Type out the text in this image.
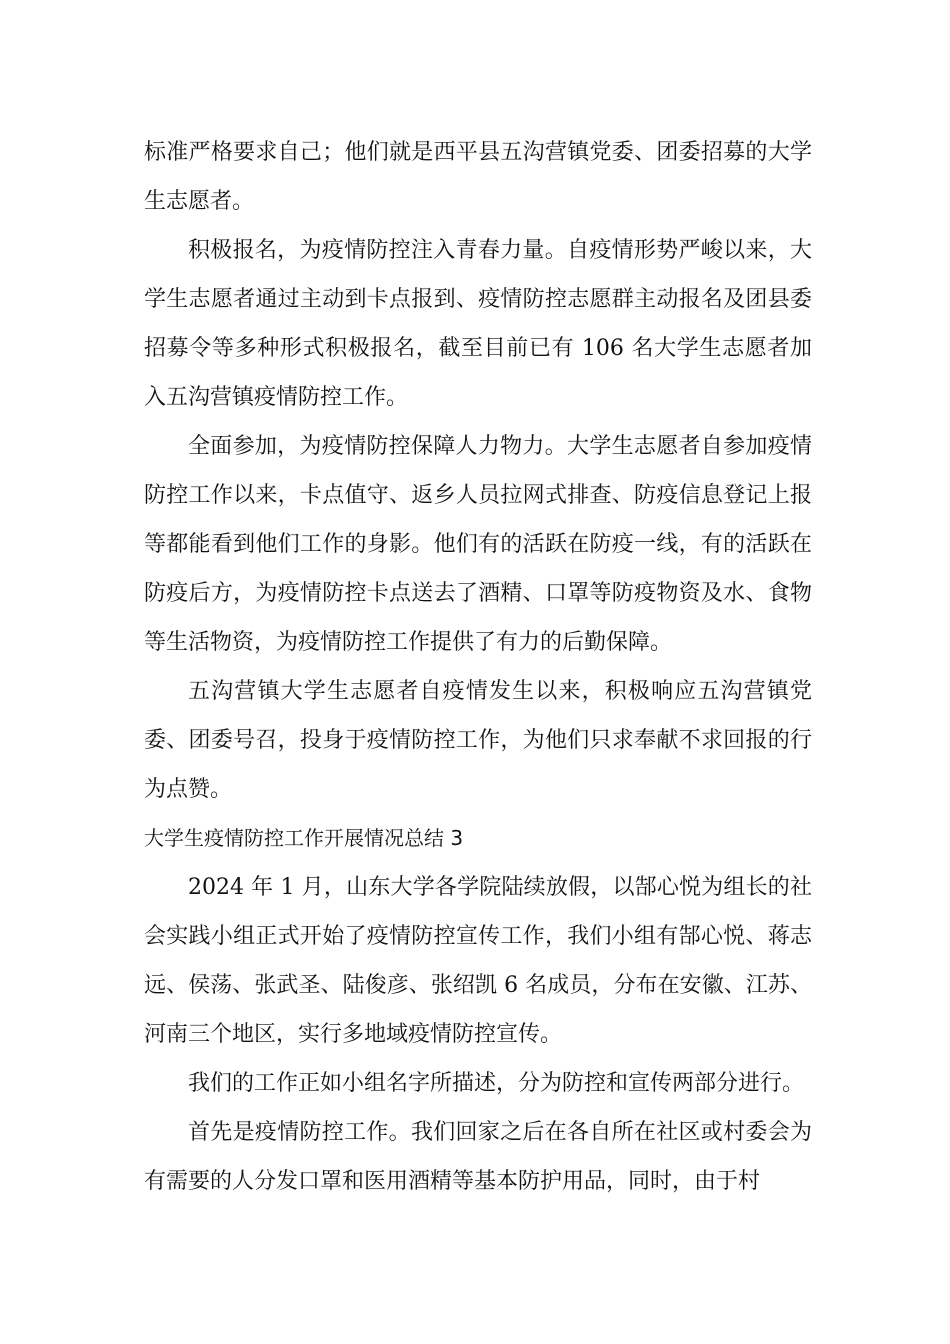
标准严格要求自己；他们就是西平县五沟营镇党委、团委招募的大学生志愿者。

积极报名，为疫情防控注入青春力量。自疫情形势严峻以来，大学生志愿者通过主动到卡点报到、疫情防控志愿群主动报名及团县委招募令等多种形式积极报名，截至目前已有 106 名大学生志愿者加入五沟营镇疫情防控工作。

全面参加，为疫情防控保障人力物力。大学生志愿者自参加疫情防控工作以来，卡点值守、返乡人员拉网式排查、防疫信息登记上报等都能看到他们工作的身影。他们有的活跃在防疫一线，有的活跃在防疫后方，为疫情防控卡点送去了酒精、口罩等防疫物资及水、食物等生活物资，为疫情防控工作提供了有力的后勤保障。

五沟营镇大学生志愿者自疫情发生以来，积极响应五沟营镇党委、团委号召，投身于疫情防控工作，为他们只求奉献不求回报的行为点赞。

大学生疫情防控工作开展情况总结 3

2024 年 1 月，山东大学各学院陆续放假，以郜心悦为组长的社会实践小组正式开始了疫情防控宣传工作，我们小组有郜心悦、蒋志远、侯荡、张武圣、陆俊彦、张绍凯 6 名成员，分布在安徽、江苏、河南三个地区，实行多地域疫情防控宣传。

我们的工作正如小组名字所描述，分为防控和宣传两部分进行。

首先是疫情防控工作。我们回家之后在各自所在社区或村委会为有需要的人分发口罩和医用酒精等基本防护用品，同时，由于村
